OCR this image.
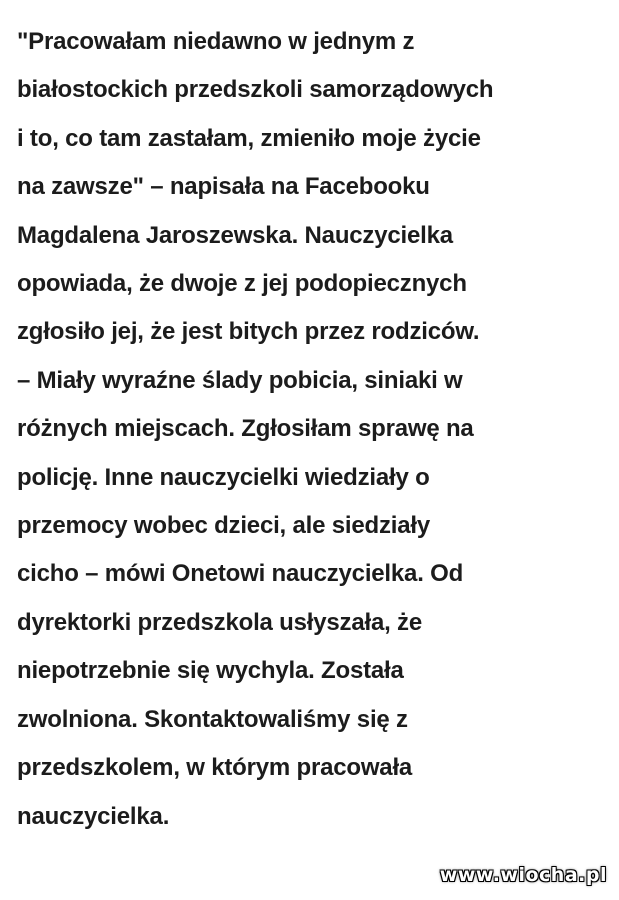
"Pracowałam niedawno w jednym z
białostockich przedszkoli samorządowych
i to, co tam zastałam, zmieniło moje życie
na zawsze" – napisała na Facebooku
Magdalena Jaroszewska. Nauczycielka
opowiada, że dwoje z jej podopiecznych
zgłosiło jej, że jest bitych przez rodziców.
– Miały wyraźne ślady pobicia, siniaki w
różnych miejscach. Zgłosiłam sprawę na
policję. Inne nauczycielki wiedziały o
przemocy wobec dzieci, ale siedziały
cicho – mówi Onetowi nauczycielka. Od
dyrektorki przedszkola usłyszała, że
niepotrzebnie się wychyla. Została
zwolniona. Skontaktowaliśmy się z
przedszkolem, w którym pracowała
nauczycielka.
www.wiocha.pl
